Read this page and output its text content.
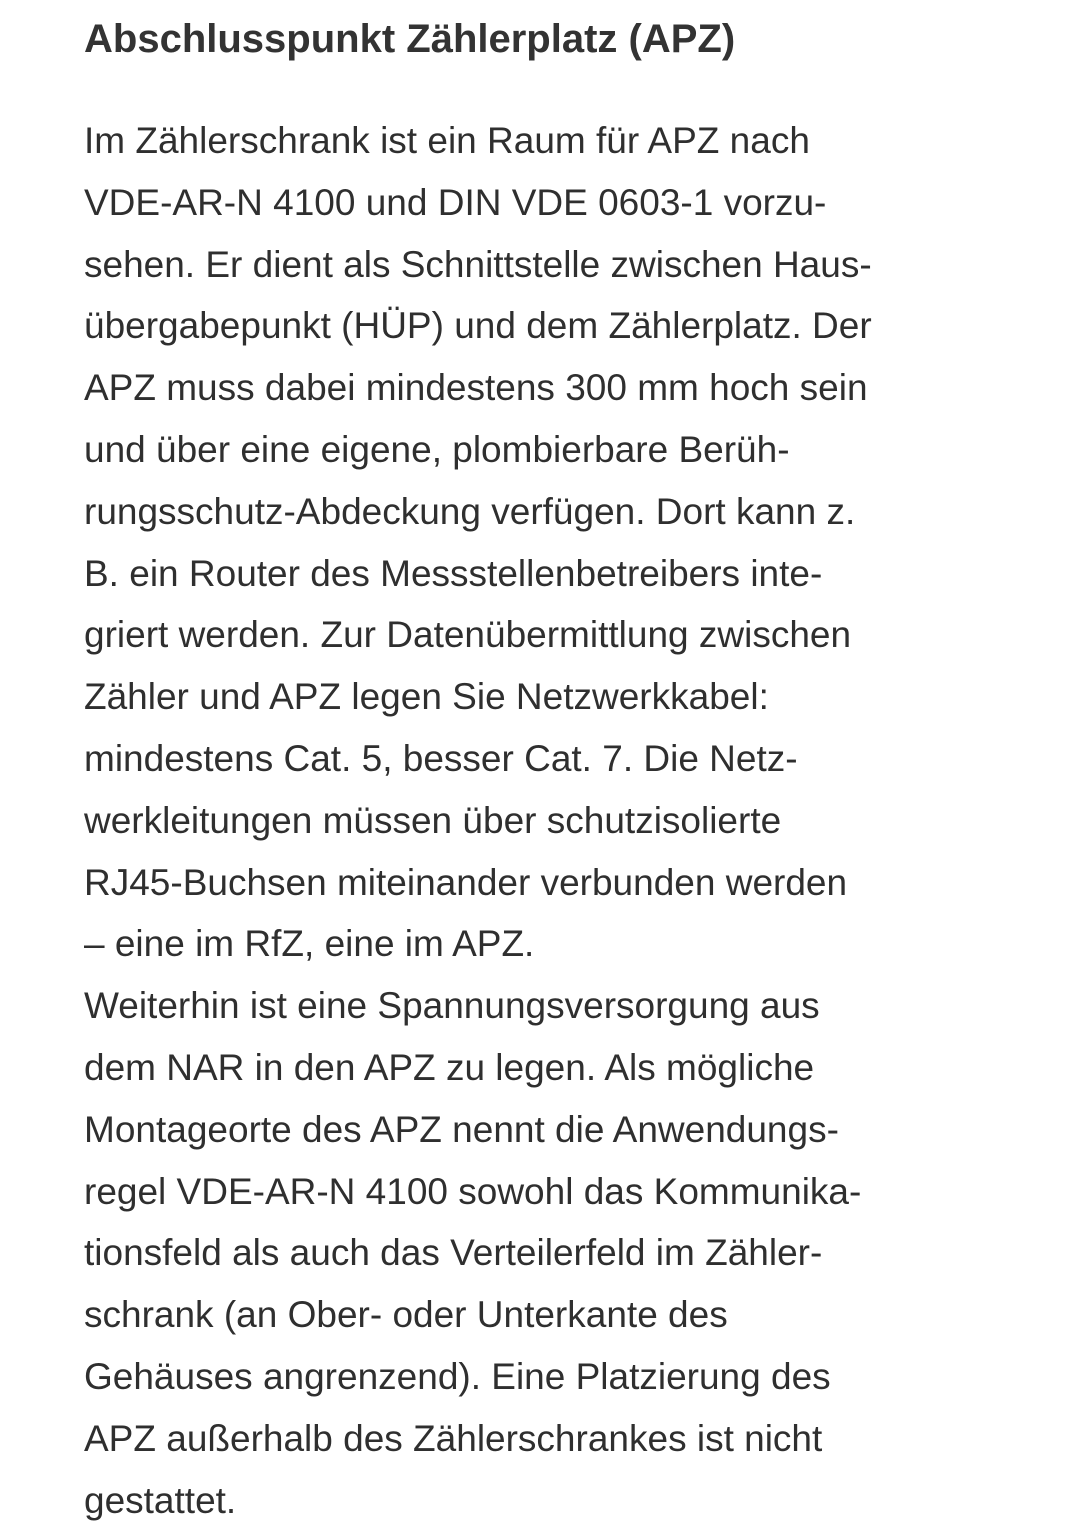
Abschlusspunkt Zählerplatz (APZ)

Im Zählerschrank ist ein Raum für APZ nach
VDE-AR-N 4100 und DIN VDE 0603-1 vorzu-
sehen. Er dient als Schnittstelle zwischen Haus-
übergabepunkt (HÜP) und dem Zählerplatz. Der
APZ muss dabei mindestens 300 mm hoch sein
und über eine eigene, plombierbare Berüh-
rungsschutz-Abdeckung verfügen. Dort kann z.
B. ein Router des Messstellenbetreibers inte-
griert werden. Zur Datenübermittlung zwischen
Zähler und APZ legen Sie Netzwerkkabel:
mindestens Cat. 5, besser Cat. 7. Die Netz-
werkleitungen müssen über schutzisolierte
RJ45-Buchsen miteinander verbunden werden
– eine im RfZ, eine im APZ.

Weiterhin ist eine Spannungsversorgung aus
dem NAR in den APZ zu legen. Als mögliche
Montageorte des APZ nennt die Anwendungs-
regel VDE-AR-N 4100 sowohl das Kommunika-
tionsfeld als auch das Verteilerfeld im Zähler-
schrank (an Ober- oder Unterkante des
Gehäuses angrenzend). Eine Platzierung des
APZ außerhalb des Zählerschrankes ist nicht
gestattet.
